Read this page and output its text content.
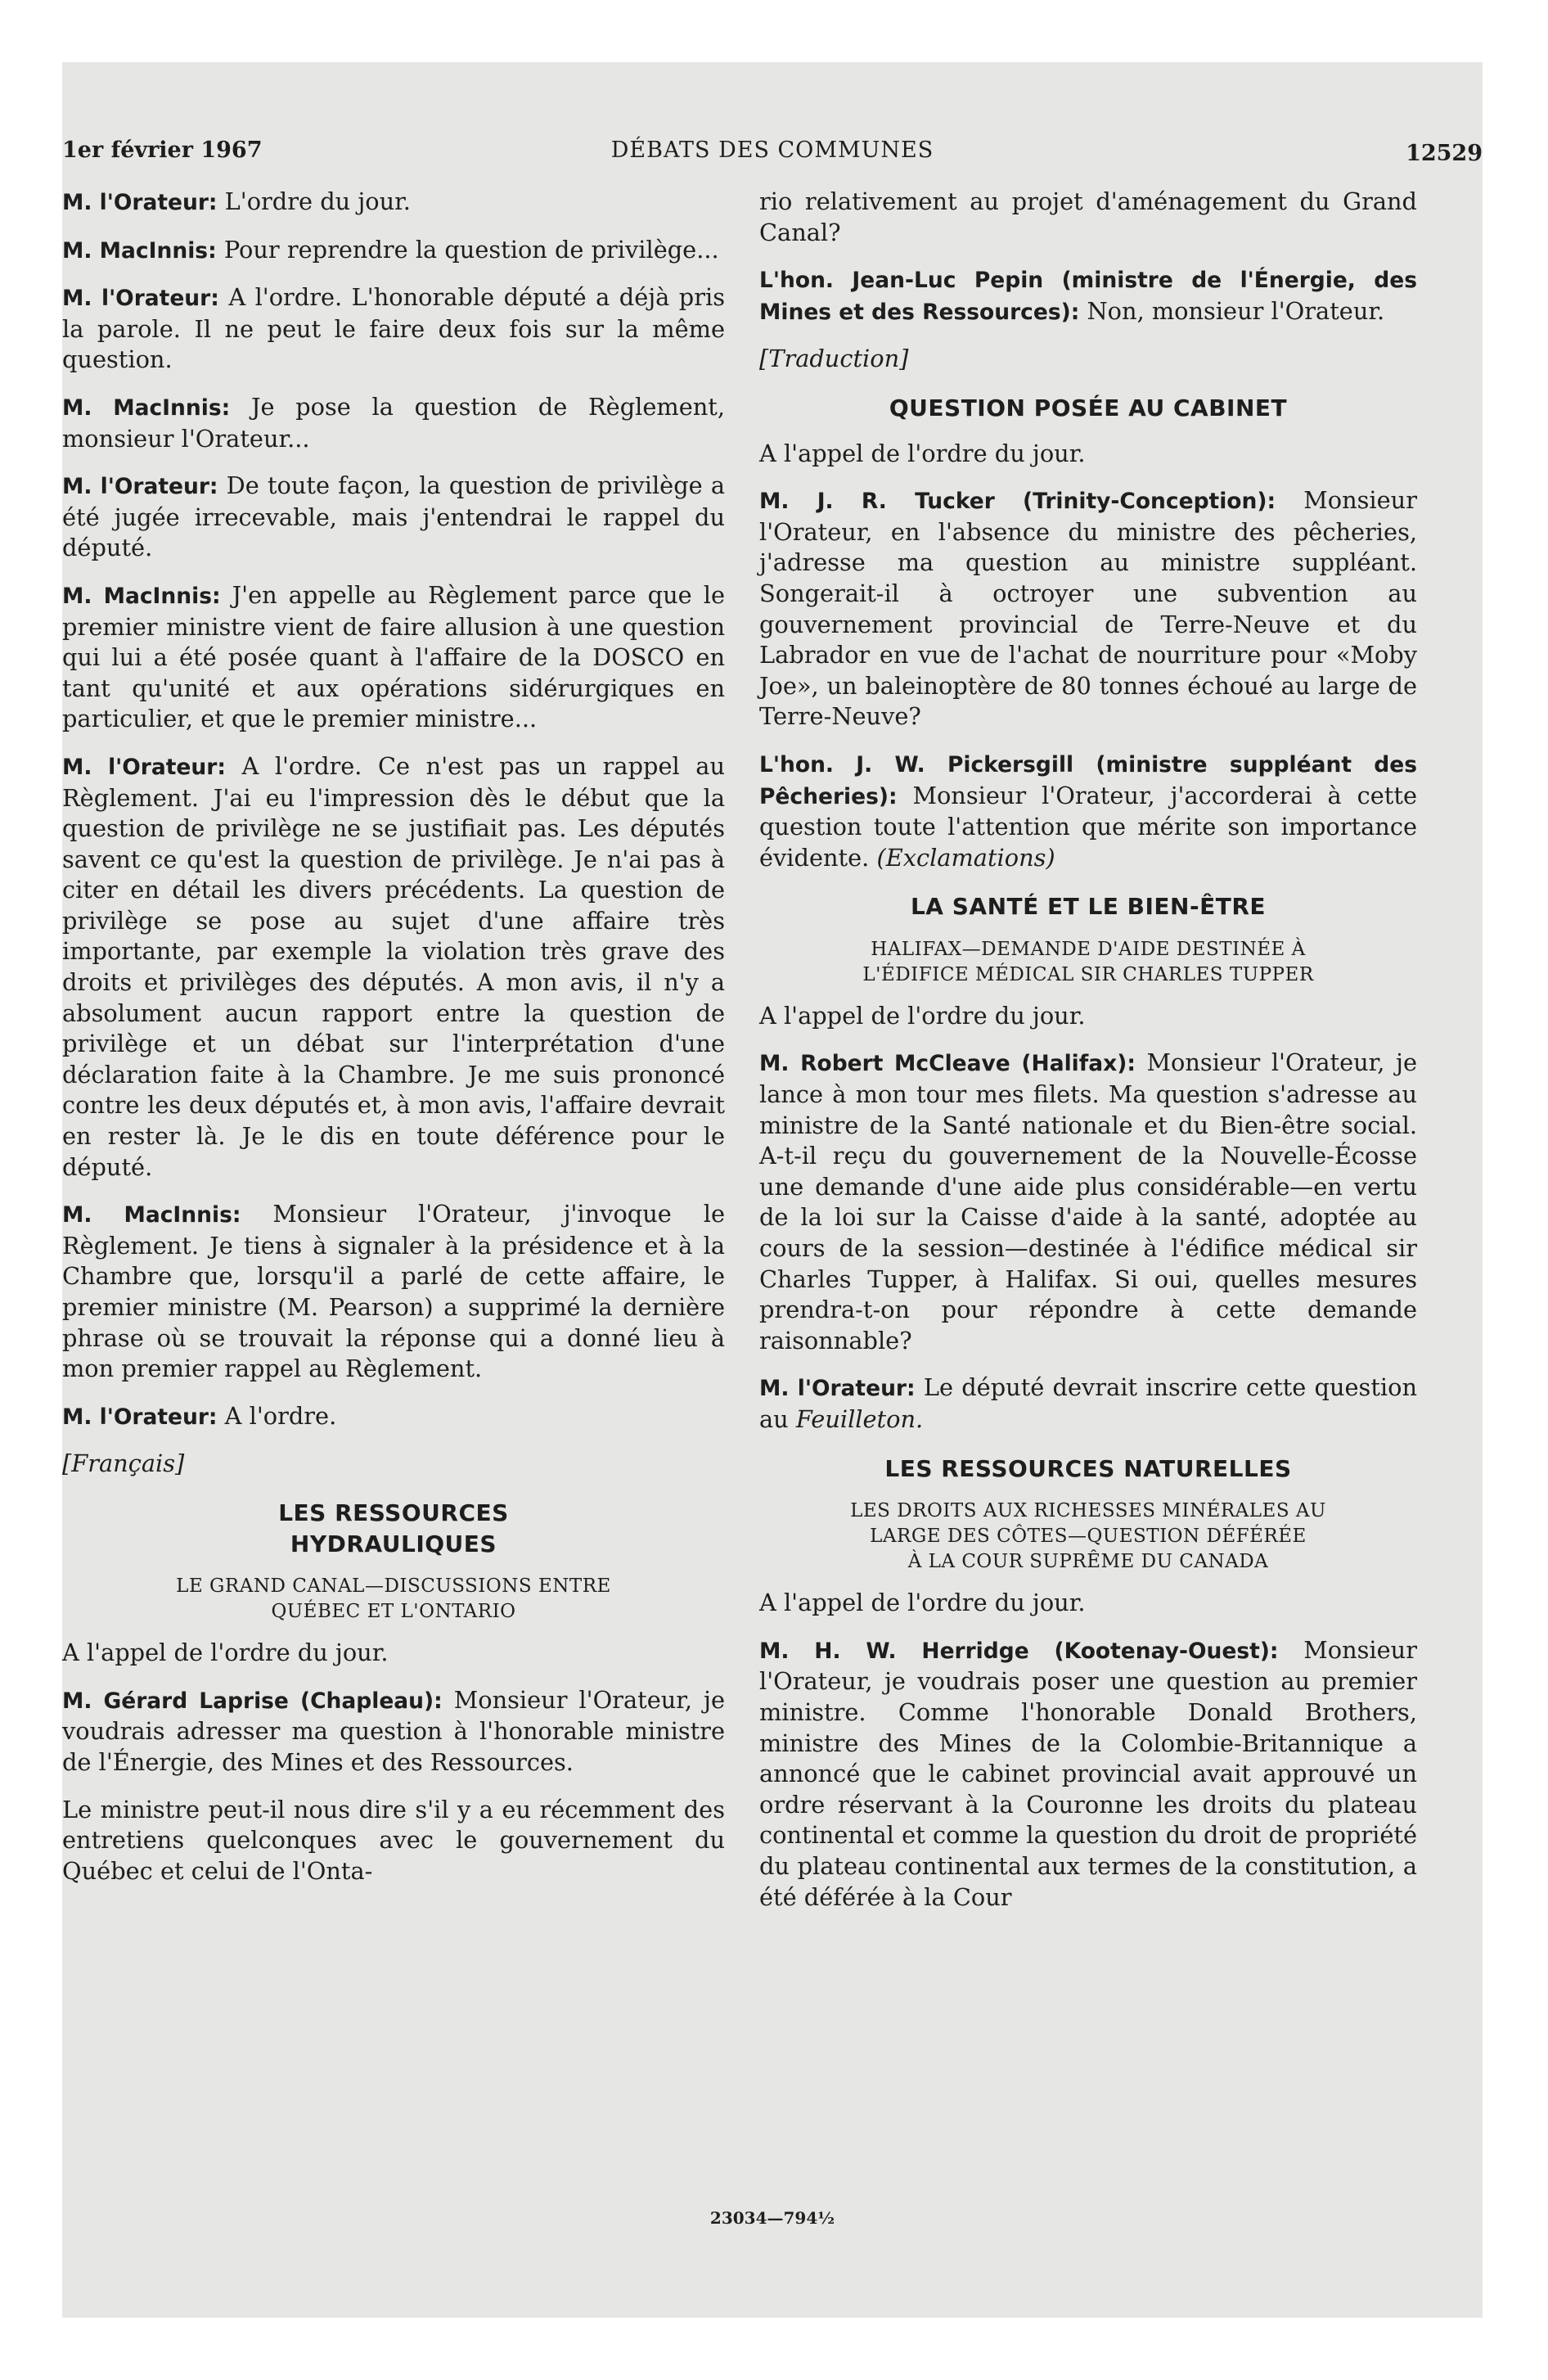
1er février 1967	DÉBATS DES COMMUNES	12529

M. l'Orateur: L'ordre du jour.

M. MacInnis: Pour reprendre la question de privilège...

M. l'Orateur: A l'ordre. L'honorable député a déjà pris la parole. Il ne peut le faire deux fois sur la même question.

M. MacInnis: Je pose la question de Règlement, monsieur l'Orateur...

M. l'Orateur: De toute façon, la question de privilège a été jugée irrecevable, mais j'entendrai le rappel du député.

M. MacInnis: J'en appelle au Règlement parce que le premier ministre vient de faire allusion à une question qui lui a été posée quant à l'affaire de la DOSCO en tant qu'unité et aux opérations sidérurgiques en particulier, et que le premier ministre...

M. l'Orateur: A l'ordre. Ce n'est pas un rappel au Règlement. J'ai eu l'impression dès le début que la question de privilège ne se justifiait pas. Les députés savent ce qu'est la question de privilège. Je n'ai pas à citer en détail les divers précédents. La question de privilège se pose au sujet d'une affaire très importante, par exemple la violation très grave des droits et privilèges des députés. A mon avis, il n'y a absolument aucun rapport entre la question de privilège et un débat sur l'interprétation d'une déclaration faite à la Chambre. Je me suis prononcé contre les deux députés et, à mon avis, l'affaire devrait en rester là. Je le dis en toute déférence pour le député.

M. MacInnis: Monsieur l'Orateur, j'invoque le Règlement. Je tiens à signaler à la présidence et à la Chambre que, lorsqu'il a parlé de cette affaire, le premier ministre (M. Pearson) a supprimé la dernière phrase où se trouvait la réponse qui a donné lieu à mon premier rappel au Règlement.

M. l'Orateur: A l'ordre.

[Français]
LES RESSOURCES
HYDRAULIQUES
LE GRAND CANAL—DISCUSSIONS ENTRE
QUÉBEC ET L'ONTARIO

A l'appel de l'ordre du jour.

M. Gérard Laprise (Chapleau): Monsieur l'Orateur, je voudrais adresser ma question à l'honorable ministre de l'Énergie, des Mines et des Ressources.

Le ministre peut-il nous dire s'il y a eu récemment des entretiens quelconques avec le gouvernement du Québec et celui de l'Onta-

rio relativement au projet d'aménagement du Grand Canal?

L'hon. Jean-Luc Pepin (ministre de l'Énergie, des Mines et des Ressources): Non, monsieur l'Orateur.

[Traduction]
QUESTION POSÉE AU CABINET

A l'appel de l'ordre du jour.

M. J. R. Tucker (Trinity-Conception): Monsieur l'Orateur, en l'absence du ministre des pêcheries, j'adresse ma question au ministre suppléant. Songerait-il à octroyer une subvention au gouvernement provincial de Terre-Neuve et du Labrador en vue de l'achat de nourriture pour «Moby Joe», un baleinoptère de 80 tonnes échoué au large de Terre-Neuve?

L'hon. J. W. Pickersgill (ministre suppléant des Pêcheries): Monsieur l'Orateur, j'accorderai à cette question toute l'attention que mérite son importance évidente. (Exclamations)

LA SANTÉ ET LE BIEN-ÊTRE
HALIFAX—DEMANDE D'AIDE DESTINÉE À
L'ÉDIFICE MÉDICAL SIR CHARLES TUPPER

A l'appel de l'ordre du jour.

M. Robert McCleave (Halifax): Monsieur l'Orateur, je lance à mon tour mes filets. Ma question s'adresse au ministre de la Santé nationale et du Bien-être social. A-t-il reçu du gouvernement de la Nouvelle-Écosse une demande d'une aide plus considérable—en vertu de la loi sur la Caisse d'aide à la santé, adoptée au cours de la session—destinée à l'édifice médical sir Charles Tupper, à Halifax. Si oui, quelles mesures prendra-t-on pour répondre à cette demande raisonnable?

M. l'Orateur: Le député devrait inscrire cette question au Feuilleton.

LES RESSOURCES NATURELLES
LES DROITS AUX RICHESSES MINÉRALES AU
LARGE DES CÔTES—QUESTION DÉFÉRÉE
À LA COUR SUPRÊME DU CANADA

A l'appel de l'ordre du jour.

M. H. W. Herridge (Kootenay-Ouest): Monsieur l'Orateur, je voudrais poser une question au premier ministre. Comme l'honorable Donald Brothers, ministre des Mines de la Colombie-Britannique a annoncé que le cabinet provincial avait approuvé un ordre réservant à la Couronne les droits du plateau continental et comme la question du droit de propriété du plateau continental aux termes de la constitution, a été déférée à la Cour

23034—794½
